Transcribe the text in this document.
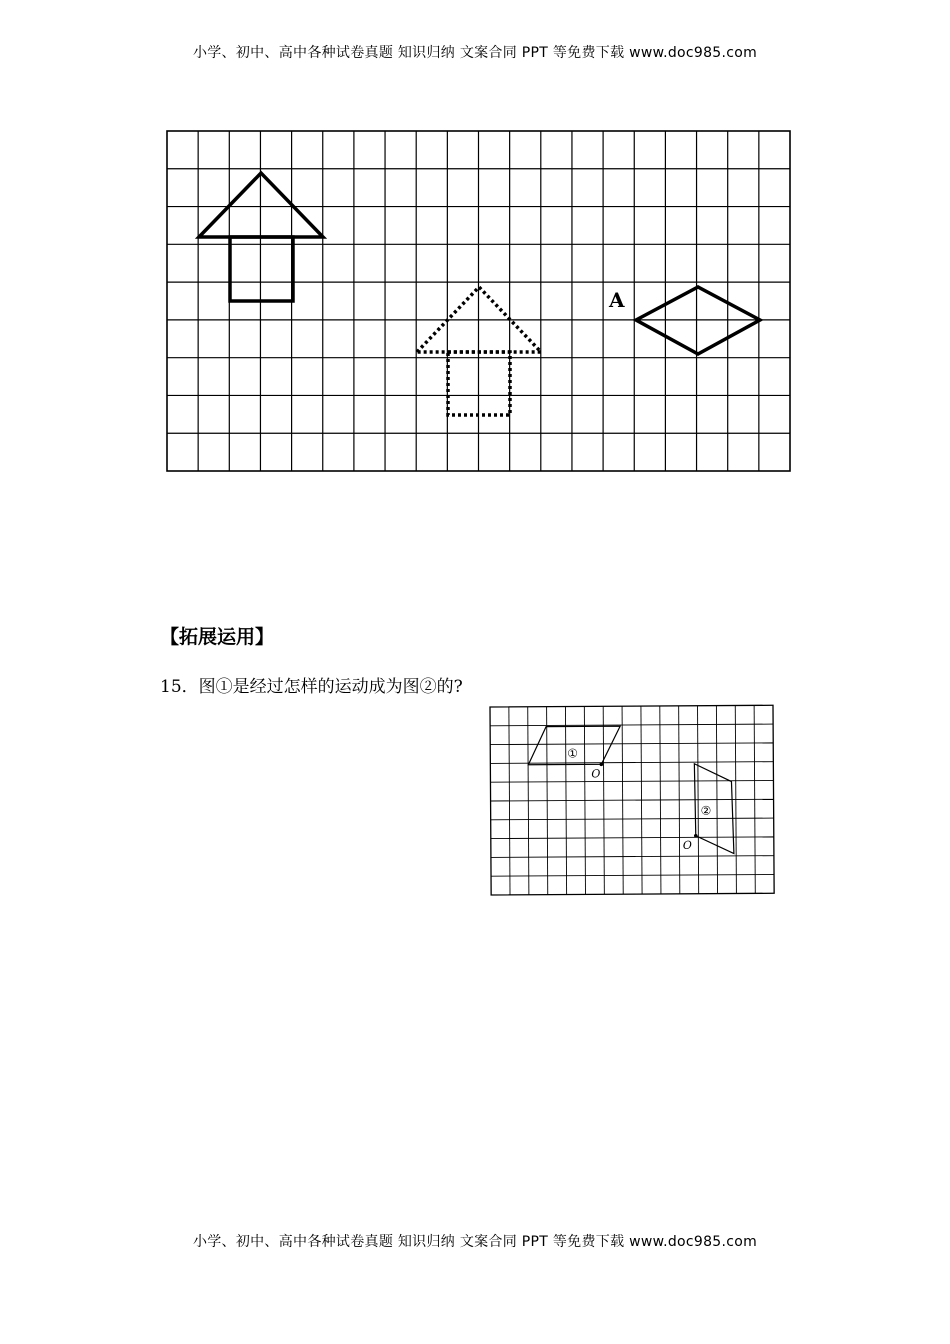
小学、初中、高中各种试卷真题 知识归纳 文案合同 PPT 等免费下载 www.doc985.com
A
【拓展运用】
15．图①是经过怎样的运动成为图②的?
①
O
②
O
小学、初中、高中各种试卷真题 知识归纳 文案合同 PPT 等免费下载 www.doc985.com
